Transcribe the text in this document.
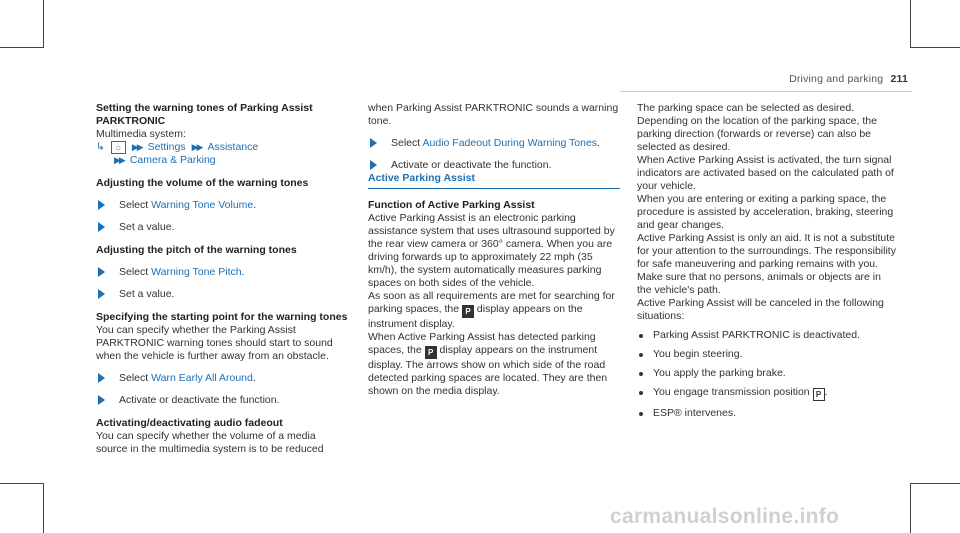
Driving and parking 211

Setting the warning tones of Parking Assist

PARKTRONIC

Multimedia system:

↳	⌂	▶▶ Settings ▶▶ Assistance
▶▶ Camera & Parking

Adjusting the volume of the warning tones

Select Warning Tone Volume.
Set a value.

Adjusting the pitch of the warning tones

Select Warning Tone Pitch.
Set a value.

Specifying the starting point for the warning tones

You can specify whether the Parking Assist PARKTRONIC warning tones should start to sound when the vehicle is further away from an obstacle.

Select Warn Early All Around.
Activate or deactivate the function.

Activating/deactivating audio fadeout

You can specify whether the volume of a media source in the multimedia system is to be reduced

when Parking Assist PARKTRONIC sounds a warning tone.

Select Audio Fadeout During Warning Tones.
Activate or deactivate the function.

Active Parking Assist

Function of Active Parking Assist

Active Parking Assist is an electronic parking assistance system that uses ultrasound supported by the rear view camera or 360° camera. When you are driving forwards up to approximately 22 mph (35 km/h), the system automatically measures parking spaces on both sides of the vehicle.

As soon as all requirements are met for searching for parking spaces, the P display appears on the instrument display.

When Active Parking Assist has detected parking spaces, the P display appears on the instrument display. The arrows show on which side of the road detected parking spaces are located. They are then shown on the media display.

The parking space can be selected as desired. Depending on the location of the parking space, the parking direction (forwards or reverse) can also be selected as desired.

When Active Parking Assist is activated, the turn signal indicators are activated based on the calculated path of your vehicle.

When you are entering or exiting a parking space, the procedure is assisted by acceleration, braking, steering and gear changes.

Active Parking Assist is only an aid. It is not a substitute for your attention to the surroundings. The responsibility for safe maneuvering and parking remains with you. Make sure that no persons, animals or objects are in the vehicle's path.

Active Parking Assist will be canceled in the following situations:

Parking Assist PARKTRONIC is deactivated.
You begin steering.
You apply the parking brake.
You engage transmission position P .
ESP® intervenes.
carmanualsonline.info
